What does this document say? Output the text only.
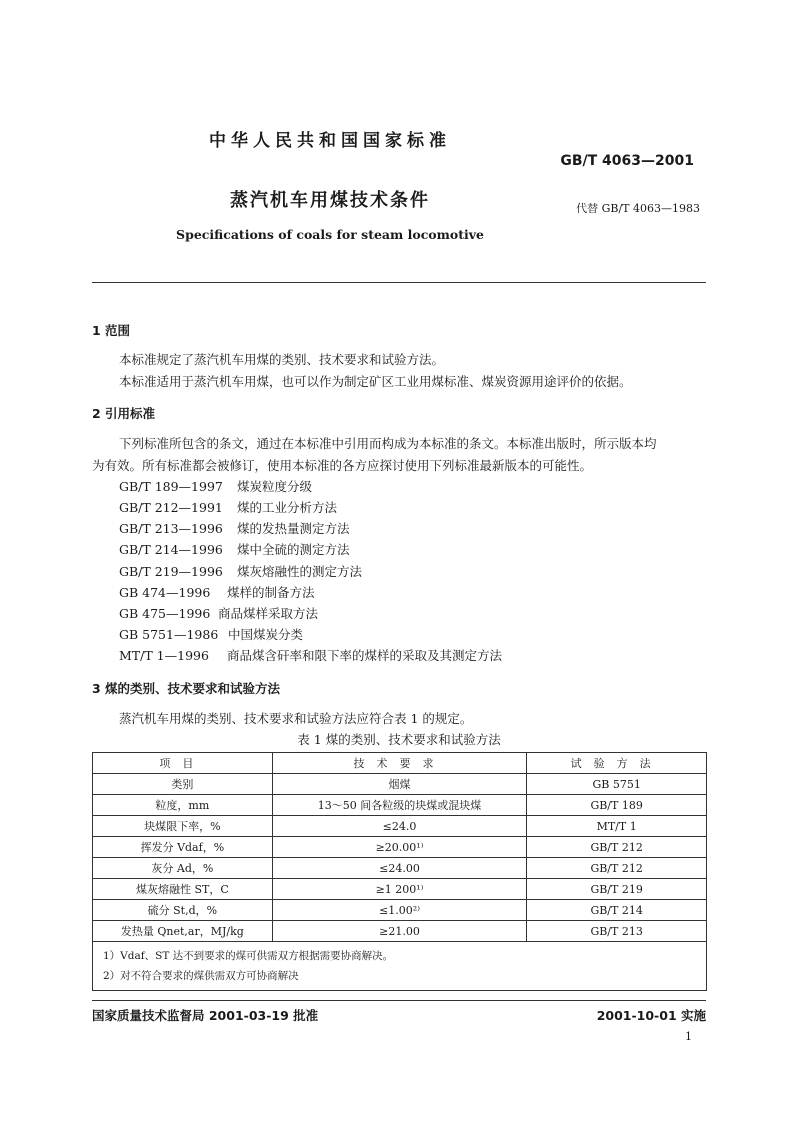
中华人民共和国国家标准
GB/T 4063—2001
蒸汽机车用煤技术条件	代替 GB/T 4063—1983
Specifications of coals for steam locomotive
1 范围
本标准规定了蒸汽机车用煤的类别、技术要求和试验方法。
本标准适用于蒸汽机车用煤，也可以作为制定矿区工业用煤标准、煤炭资源用途评价的依据。
2 引用标准
下列标准所包含的条文，通过在本标准中引用而构成为本标准的条文。本标准出版时，所示版本均
为有效。所有标准都会被修订，使用本标准的各方应探讨使用下列标准最新版本的可能性。
GB/T 189—1997 煤炭粒度分级
GB/T 212—1991 煤的工业分析方法
GB/T 213—1996 煤的发热量测定方法
GB/T 214—1996 煤中全硫的测定方法
GB/T 219—1996 煤灰熔融性的测定方法
GB 474—1996 煤样的制备方法
GB 475—1996 商品煤样采取方法
GB 5751—1986 中国煤炭分类
MT/T 1—1996 商品煤含矸率和限下率的煤样的采取及其测定方法
3 煤的类别、技术要求和试验方法
蒸汽机车用煤的类别、技术要求和试验方法应符合表 1 的规定。
表 1 煤的类别、技术要求和试验方法
项目	技术要求	试验方法
类别	烟煤	GB 5751
粒度，mm	13～50 间各粒级的块煤或混块煤	GB/T 189
块煤限下率，%	≤24.0	MT/T 1
挥发分 Vdaf，%	≥20.00¹⁾	GB/T 212
灰分 Ad，%	≤24.00	GB/T 212
煤灰熔融性 ST，C	≥1 200¹⁾	GB/T 219
硫分 St,d，%	≤1.00²⁾	GB/T 214
发热量 Qnet,ar，MJ/kg	≥21.00	GB/T 213

1）Vdaf、ST 达不到要求的煤可供需双方根据需要协商解决。
2）对不符合要求的煤供需双方可协商解决		
国家质量技术监督局 2001-03-19 批准	2001-10-01 实施
1
